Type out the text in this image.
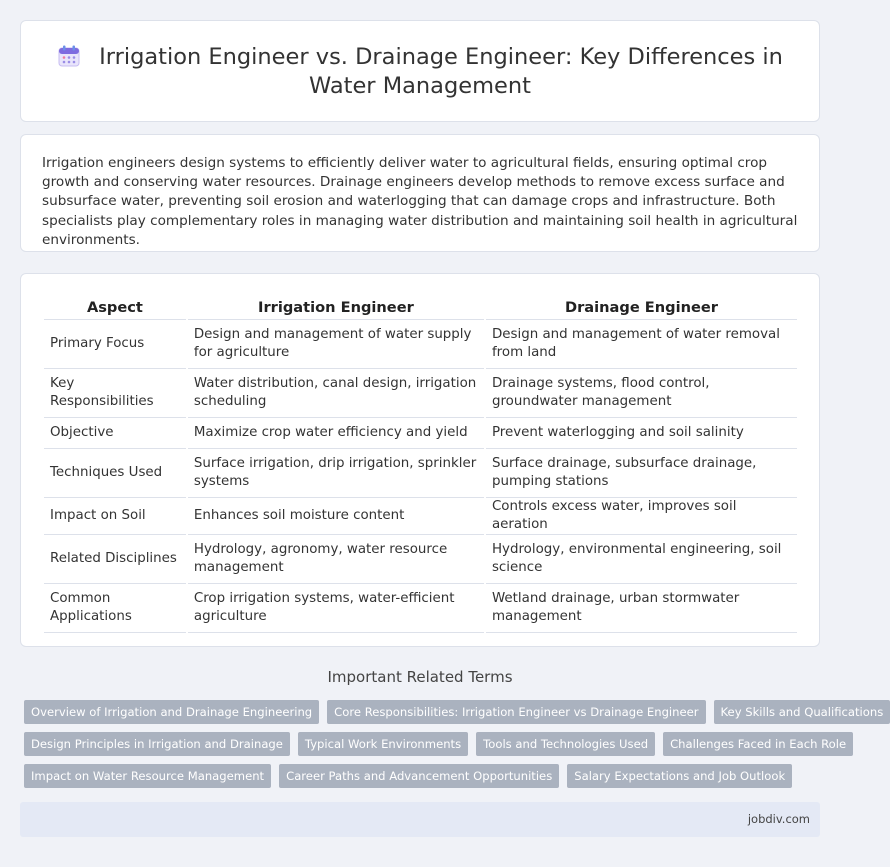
Irrigation Engineer vs. Drainage Engineer: Key Differences in Water Management

Irrigation engineers design systems to efficiently deliver water to agricultural fields, ensuring optimal crop growth and conserving water resources. Drainage engineers develop methods to remove excess surface and subsurface water, preventing soil erosion and waterlogging that can damage crops and infrastructure. Both specialists play complementary roles in managing water distribution and maintaining soil health in agricultural environments.

Aspect	Irrigation Engineer	Drainage Engineer
Primary Focus	Design and management of water supply for agriculture	Design and management of water removal from land
Key Responsibilities	Water distribution, canal design, irrigation scheduling	Drainage systems, flood control, groundwater management
Objective	Maximize crop water efficiency and yield	Prevent waterlogging and soil salinity
Techniques Used	Surface irrigation, drip irrigation, sprinkler systems	Surface drainage, subsurface drainage, pumping stations
Impact on Soil	Enhances soil moisture content	Controls excess water, improves soil aeration
Related Disciplines	Hydrology, agronomy, water resource management	Hydrology, environmental engineering, soil science
Common Applications	Crop irrigation systems, water-efficient agriculture	Wetland drainage, urban stormwater management
Important Related Terms
Overview of Irrigation and Drainage Engineering	Core Responsibilities: Irrigation Engineer vs Drainage Engineer	Key Skills and Qualifications
Design Principles in Irrigation and Drainage	Typical Work Environments	Tools and Technologies Used	Challenges Faced in Each Role
Impact on Water Resource Management	Career Paths and Advancement Opportunities	Salary Expectations and Job Outlook
jobdiv.com
